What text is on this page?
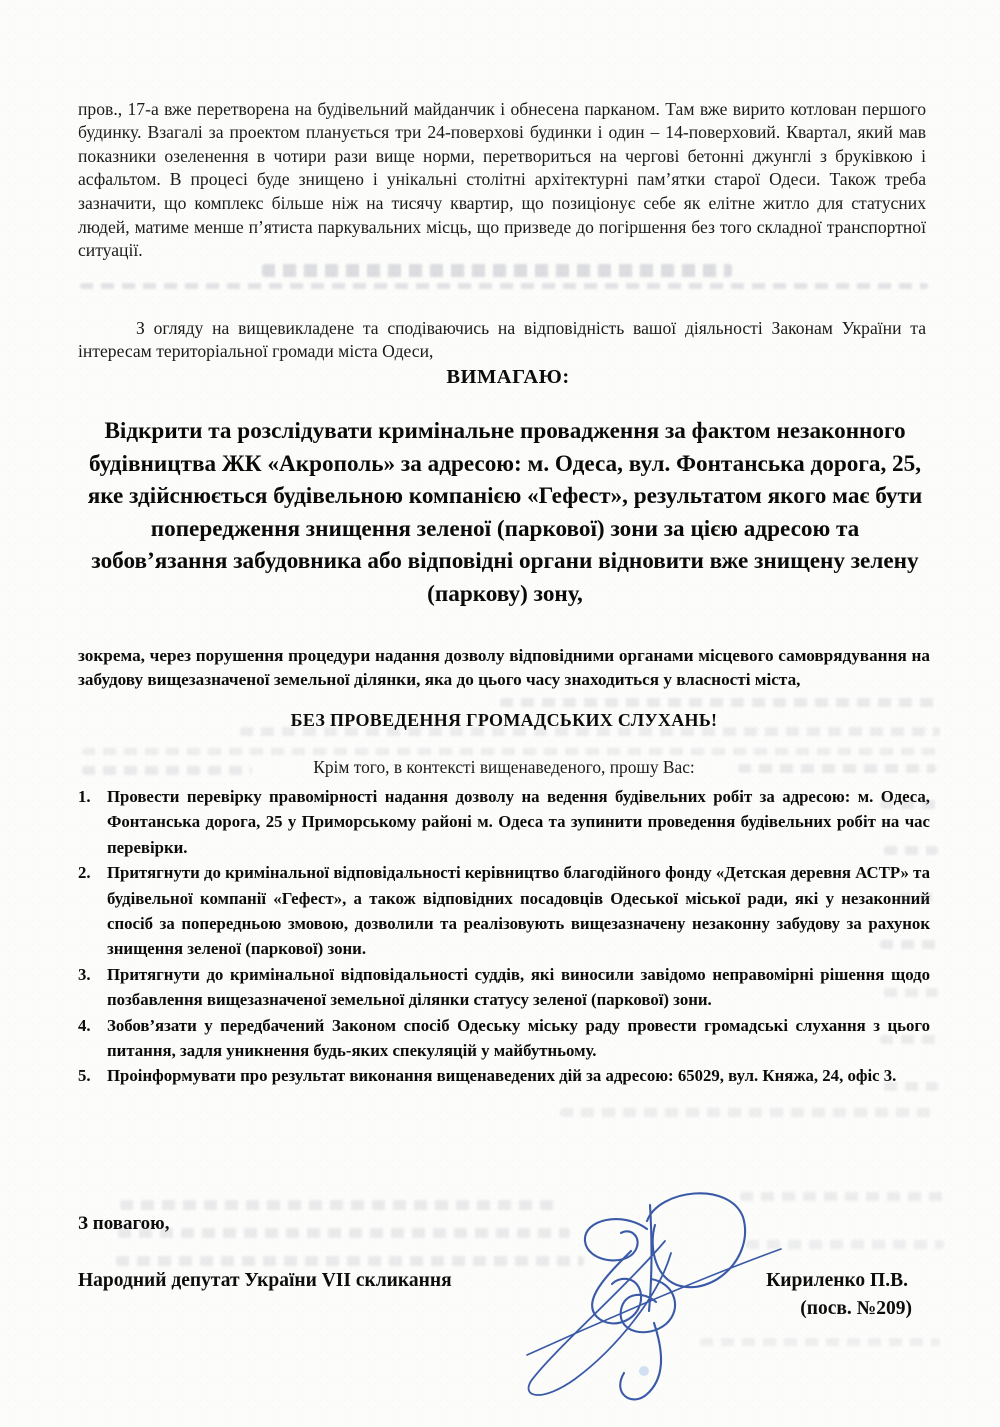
пров., 17-а вже перетворена на будівельний майданчик і обнесена парканом. Там вже вирито котлован першого будинку. Взагалі за проектом планується три 24-поверхові будинки і один – 14-поверховий. Квартал, який мав показники озеленення в чотири рази вище норми, перетвориться на чергові бетонні джунглі з бруківкою і асфальтом. В процесі буде знищено і унікальні столітні архітектурні пам’ятки старої Одеси. Також треба зазначити, що комплекс більше ніж на тисячу квартир, що позиціонує себе як елітне житло для статусних людей, матиме менше п’ятиста паркувальних місць, що призведе до погіршення без того складної транспортної ситуації.

З огляду на вищевикладене та сподіваючись на відповідність вашої діяльності Законам України та інтересам територіальної громади міста Одеси,

ВИМАГАЮ:
Відкрити та розслідувати кримінальне провадження за фактом незаконного будівництва ЖК «Акрополь» за адресою: м. Одеса, вул. Фонтанська дорога, 25, яке здійснюється будівельною компанією «Гефест», результатом якого має бути попередження знищення зеленої (паркової) зони за цією адресою та зобов’язання забудовника або відповідні органи відновити вже знищену зелену (паркову) зону,
зокрема, через порушення процедури надання дозволу відповідними органами місцевого самоврядування на забудову вищезазначеної земельної ділянки, яка до цього часу знаходиться у власності міста,
БЕЗ ПРОВЕДЕННЯ ГРОМАДСЬКИХ СЛУХАНЬ!
Крім того, в контексті вищенаведеного, прошу Вас:
1. Провести перевірку правомірності надання дозволу на ведення будівельних робіт за адресою: м. Одеса, Фонтанська дорога, 25 у Приморському районі м. Одеса та зупинити проведення будівельних робіт на час перевірки.
2. Притягнути до кримінальної відповідальності керівництво благодійного фонду «Детская деревня АСТР» та будівельної компанії «Гефест», а також відповідних посадовців Одеської міської ради, які у незаконний спосіб за попередньою змовою, дозволили та реалізовують вищезазначену незаконну забудову за рахунок знищення зеленої (паркової) зони.
3. Притягнути до кримінальної відповідальності суддів, які виносили завідомо неправомірні рішення щодо позбавлення вищезазначеної земельної ділянки статусу зеленої (паркової) зони.
4. Зобов’язати у передбачений Законом спосіб Одеську міську раду провести громадські слухання з цього питання, задля уникнення будь-яких спекуляцій у майбутньому.
5. Проінформувати про результат виконання вищенаведених дій за адресою: 65029, вул. Княжа, 24, офіс 3.
З повагою,
Народний депутат України VII скликання	Кириленко П.В.
(посв. №209)
